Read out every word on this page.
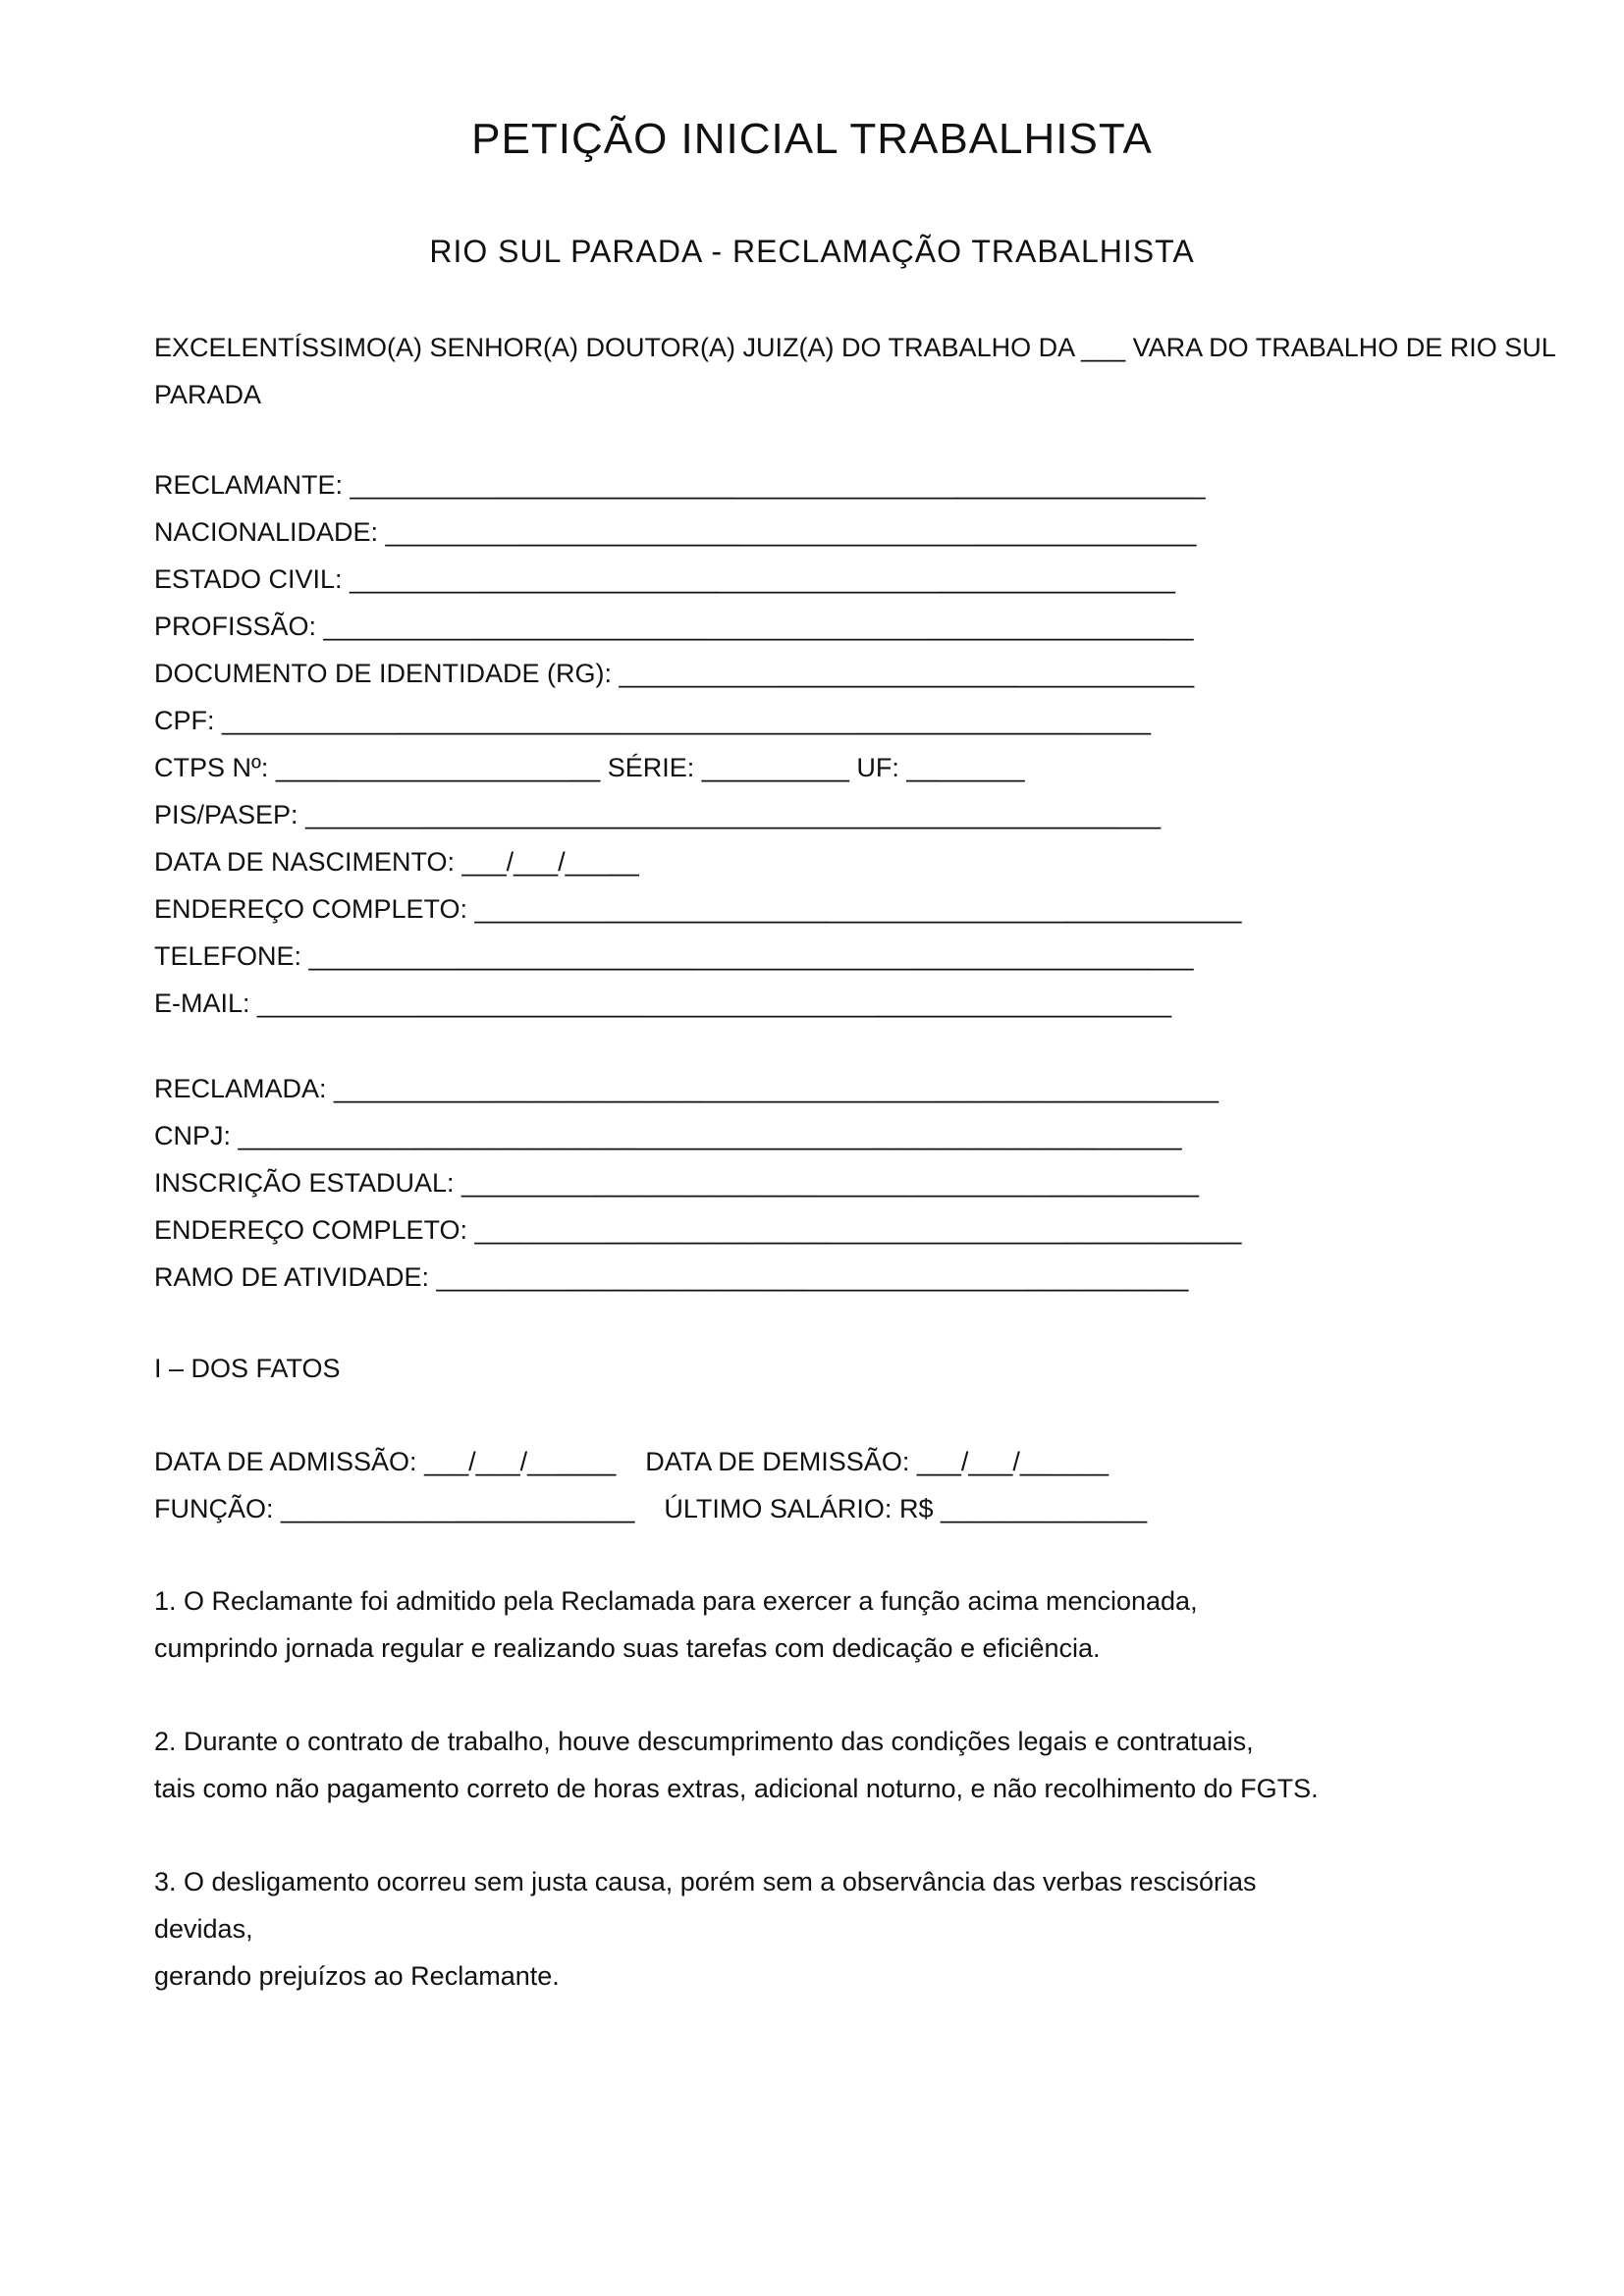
PETIÇÃO INICIAL TRABALHISTA
RIO SUL PARADA - RECLAMAÇÃO TRABALHISTA
EXCELENTÍSSIMO(A) SENHOR(A) DOUTOR(A) JUIZ(A) DO TRABALHO DA ___ VARA DO TRABALHO DE RIO SUL
PARADA
RECLAMANTE: __________________________________________________________
NACIONALIDADE: _______________________________________________________
ESTADO CIVIL: ________________________________________________________
PROFISSÃO: ___________________________________________________________
DOCUMENTO DE IDENTIDADE (RG): _______________________________________
CPF: _______________________________________________________________
CTPS Nº: ______________________ SÉRIE: __________ UF: ________
PIS/PASEP: __________________________________________________________
DATA DE NASCIMENTO: ___/___/_____
ENDEREÇO COMPLETO: ____________________________________________________
TELEFONE: ____________________________________________________________
E-MAIL: ______________________________________________________________
RECLAMADA: ____________________________________________________________
CNPJ: ________________________________________________________________
INSCRIÇÃO ESTADUAL: __________________________________________________
ENDEREÇO COMPLETO: ____________________________________________________
RAMO DE ATIVIDADE: ___________________________________________________
I – DOS FATOS
DATA DE ADMISSÃO: ___/___/______    DATA DE DEMISSÃO: ___/___/______
FUNÇÃO: ________________________    ÚLTIMO SALÁRIO: R$ ______________
1. O Reclamante foi admitido pela Reclamada para exercer a função acima mencionada,
cumprindo jornada regular e realizando suas tarefas com dedicação e eficiência.
2. Durante o contrato de trabalho, houve descumprimento das condições legais e contratuais,
tais como não pagamento correto de horas extras, adicional noturno, e não recolhimento do FGTS.
3. O desligamento ocorreu sem justa causa, porém sem a observância das verbas rescisórias
devidas,
gerando prejuízos ao Reclamante.
